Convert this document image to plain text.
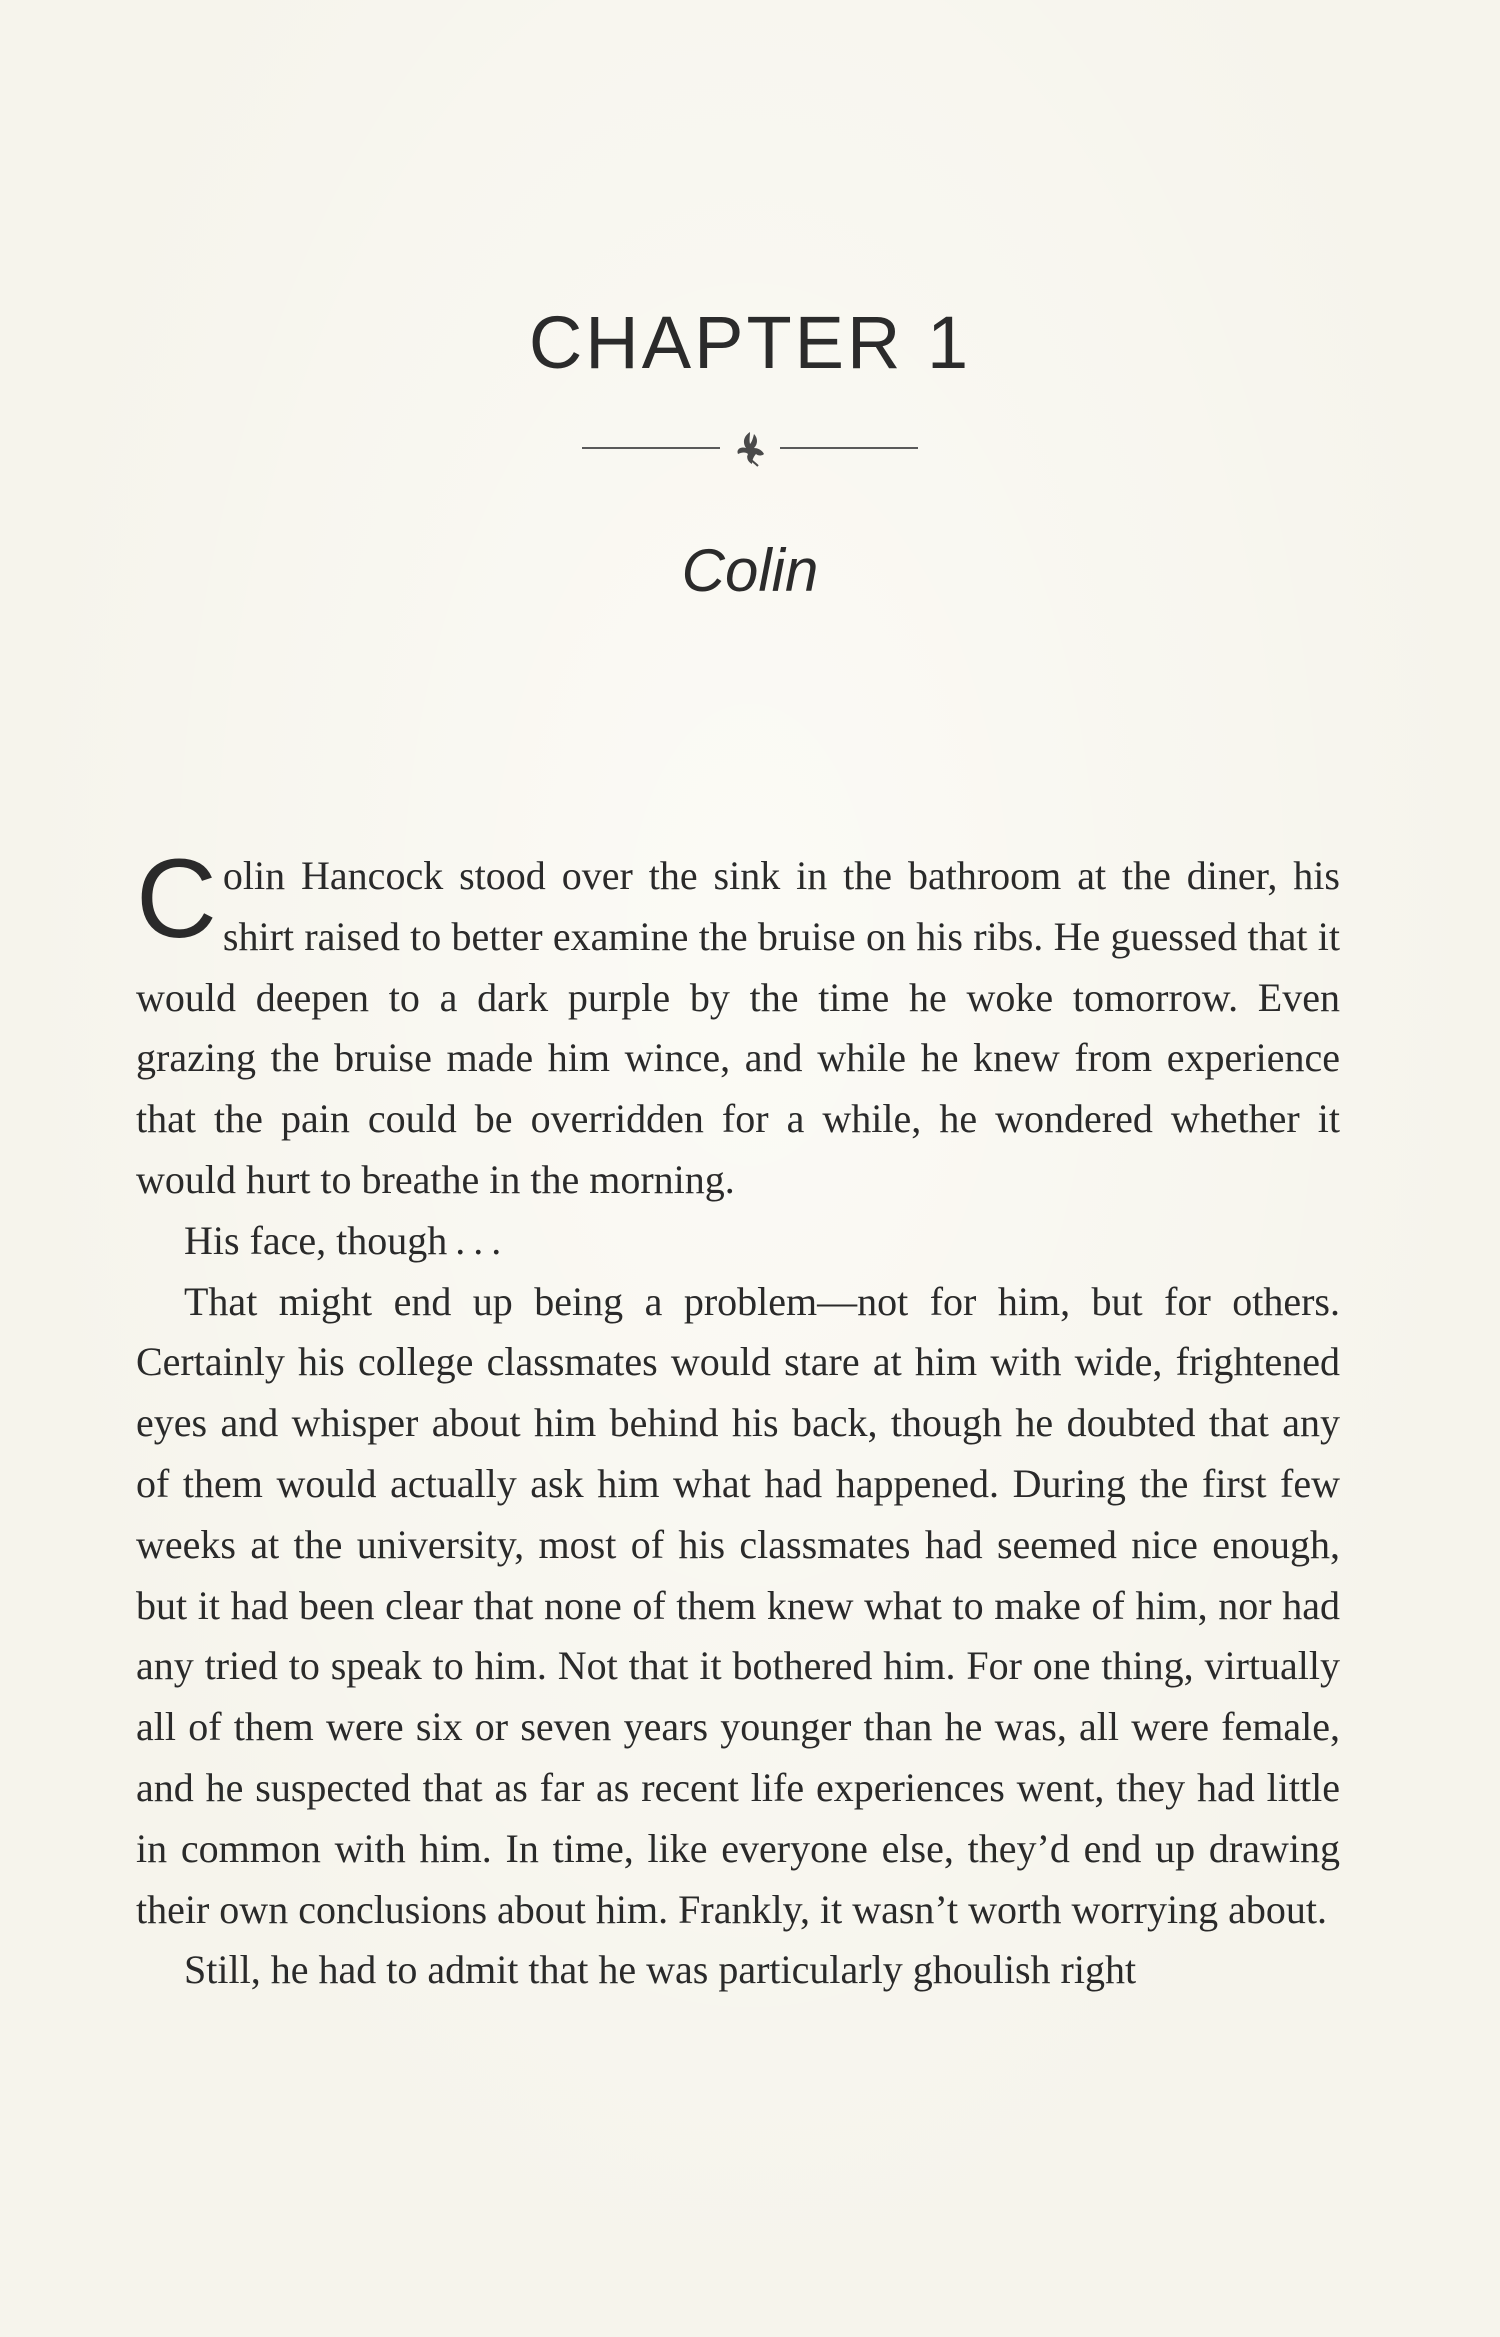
CHAPTER 1
Colin

Colin Hancock stood over the sink in the bathroom at the diner, his shirt raised to better examine the bruise on his ribs. He guessed that it would deepen to a dark purple by the time he woke tomorrow. Even grazing the bruise made him wince, and while he knew from experience that the pain could be overridden for a while, he wondered whether it would hurt to breathe in the morning.

His face, though . . .

That might end up being a problem—not for him, but for others. Certainly his college classmates would stare at him with wide, frightened eyes and whisper about him behind his back, though he doubted that any of them would actually ask him what had happened. During the first few weeks at the university, most of his classmates had seemed nice enough, but it had been clear that none of them knew what to make of him, nor had any tried to speak to him. Not that it bothered him. For one thing, virtually all of them were six or seven years younger than he was, all were female, and he suspected that as far as recent life experiences went, they had little in common with him. In time, like everyone else, they’d end up drawing their own conclusions about him. Frankly, it wasn’t worth worrying about.

Still, he had to admit that he was particularly ghoulish right
